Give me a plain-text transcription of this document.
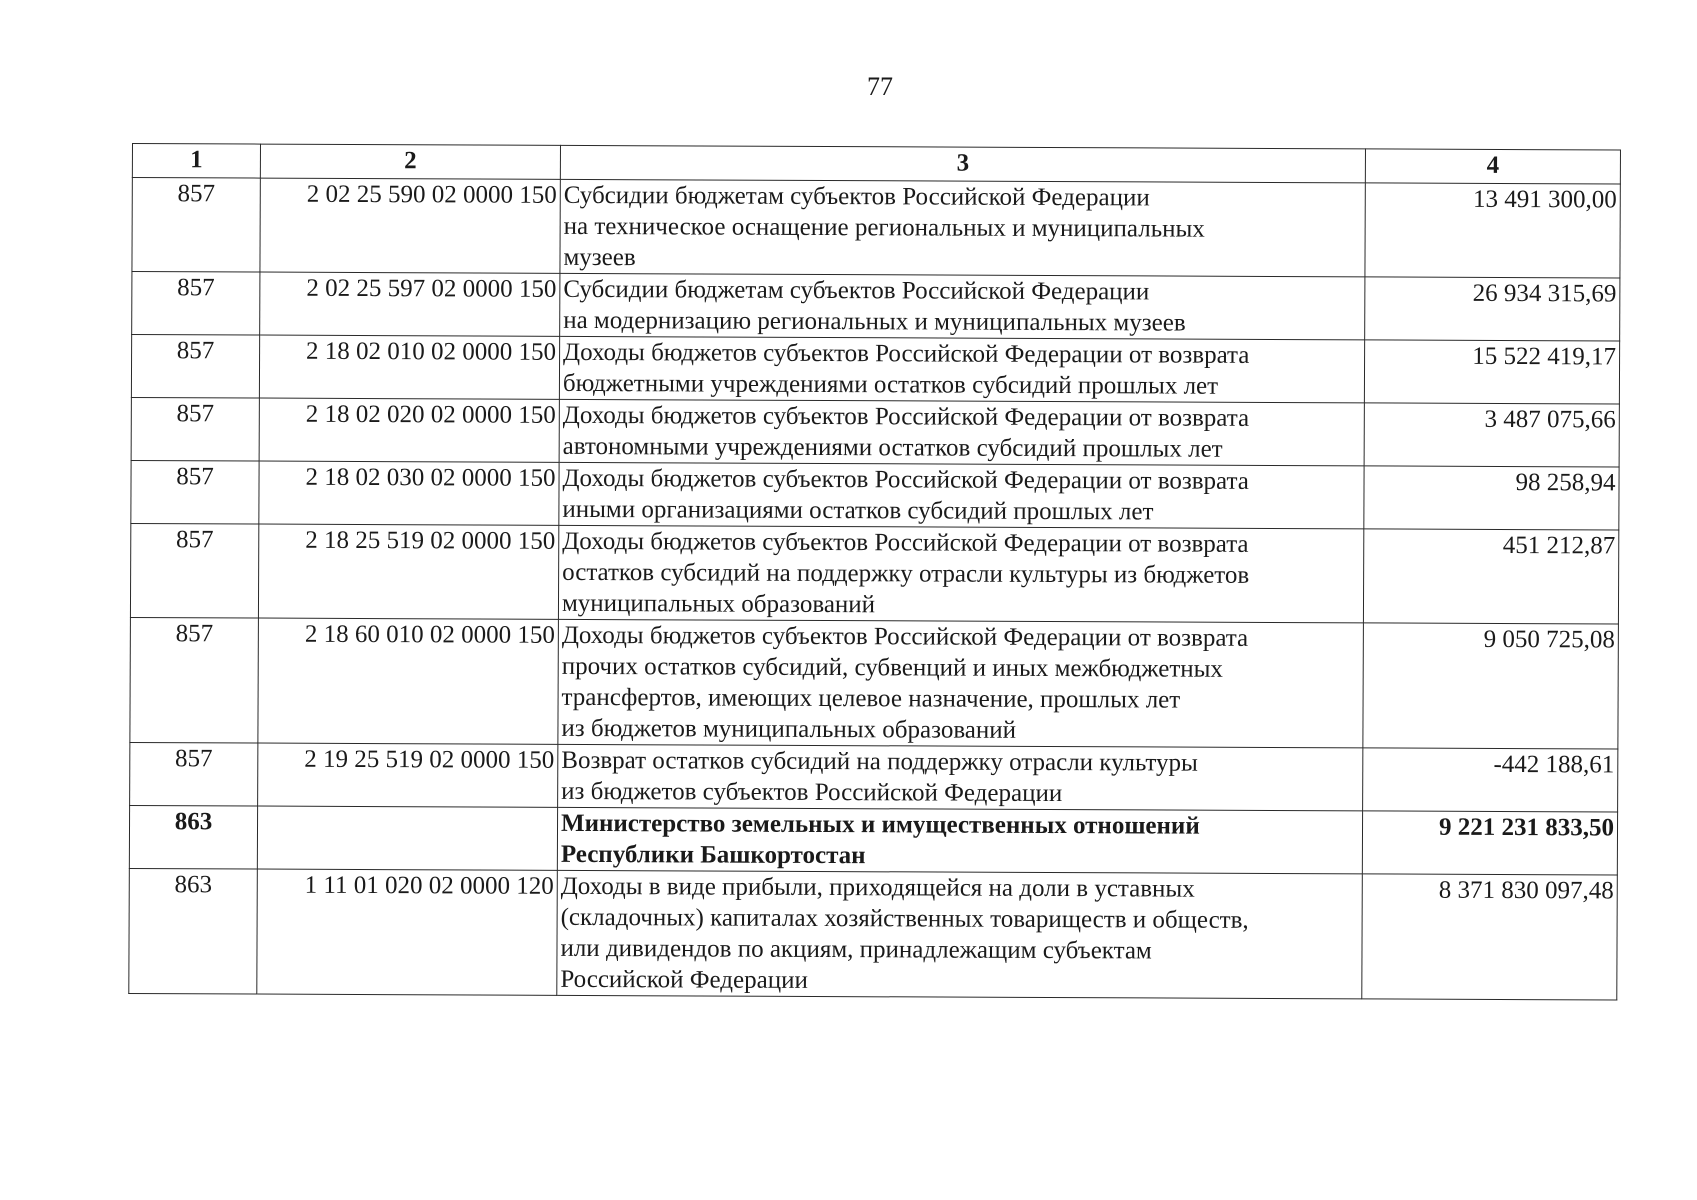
77
1	2	3	4
857	2 02 25 590 02 0000 150	Субсидии бюджетам субъектов Российской Федерации
на техническое оснащение региональных и муниципальных
музеев	13 491 300,00
857	2 02 25 597 02 0000 150	Субсидии бюджетам субъектов Российской Федерации
на модернизацию региональных и муниципальных музеев	26 934 315,69
857	2 18 02 010 02 0000 150	Доходы бюджетов субъектов Российской Федерации от возврата
бюджетными учреждениями остатков субсидий прошлых лет	15 522 419,17
857	2 18 02 020 02 0000 150	Доходы бюджетов субъектов Российской Федерации от возврата
автономными учреждениями остатков субсидий прошлых лет	3 487 075,66
857	2 18 02 030 02 0000 150	Доходы бюджетов субъектов Российской Федерации от возврата
иными организациями остатков субсидий прошлых лет	98 258,94
857	2 18 25 519 02 0000 150	Доходы бюджетов субъектов Российской Федерации от возврата
остатков субсидий на поддержку отрасли культуры из бюджетов
муниципальных образований	451 212,87
857	2 18 60 010 02 0000 150	Доходы бюджетов субъектов Российской Федерации от возврата
прочих остатков субсидий, субвенций и иных межбюджетных
трансфертов, имеющих целевое назначение, прошлых лет
из бюджетов муниципальных образований	9 050 725,08
857	2 19 25 519 02 0000 150	Возврат остатков субсидий на поддержку отрасли культуры
из бюджетов субъектов Российской Федерации	-442 188,61
863		Министерство земельных и имущественных отношений
Республики Башкортостан	9 221 231 833,50
863	1 11 01 020 02 0000 120	Доходы в виде прибыли, приходящейся на доли в уставных
(складочных) капиталах хозяйственных товариществ и обществ,
или дивидендов по акциям, принадлежащим субъектам
Российской Федерации	8 371 830 097,48
